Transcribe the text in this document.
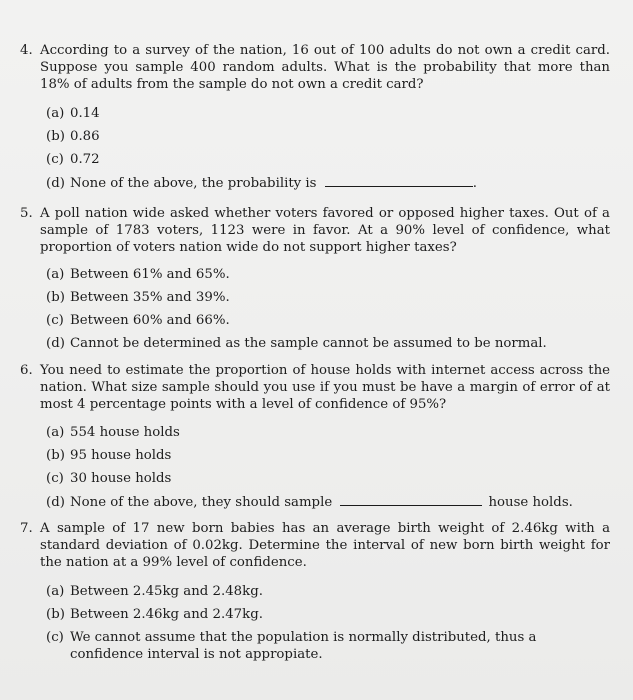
4. According to a survey of the nation, 16 out of 100 adults do not own a credit card. Suppose you sample 400 random adults. What is the probability that more than 18% of adults from the sample do not own a credit card?
(a) 0.14
(b) 0.86
(c) 0.72
(d) None of the above, the probability is	.
5. A poll nation wide asked whether voters favored or opposed higher taxes. Out of a sample of 1783 voters, 1123 were in favor. At a 90% level of confidence, what proportion of voters nation wide do not support higher taxes?
(a) Between 61% and 65%.
(b) Between 35% and 39%.
(c) Between 60% and 66%.
(d) Cannot be determined as the sample cannot be assumed to be normal.
6. You need to estimate the proportion of house holds with internet access across the nation. What size sample should you use if you must be have a margin of error of at most 4 percentage points with a level of confidence of 95%?
(a) 554 house holds
(b) 95 house holds
(c) 30 house holds
(d) None of the above, they should sample	house holds.
7. A sample of 17 new born babies has an average birth weight of 2.46kg with a standard deviation of 0.02kg. Determine the interval of new born birth weight for the nation at a 99% level of confidence.
(a) Between 2.45kg and 2.48kg.
(b) Between 2.46kg and 2.47kg.
(c) We cannot assume that the population is normally distributed, thus a confidence interval is not appropiate.
